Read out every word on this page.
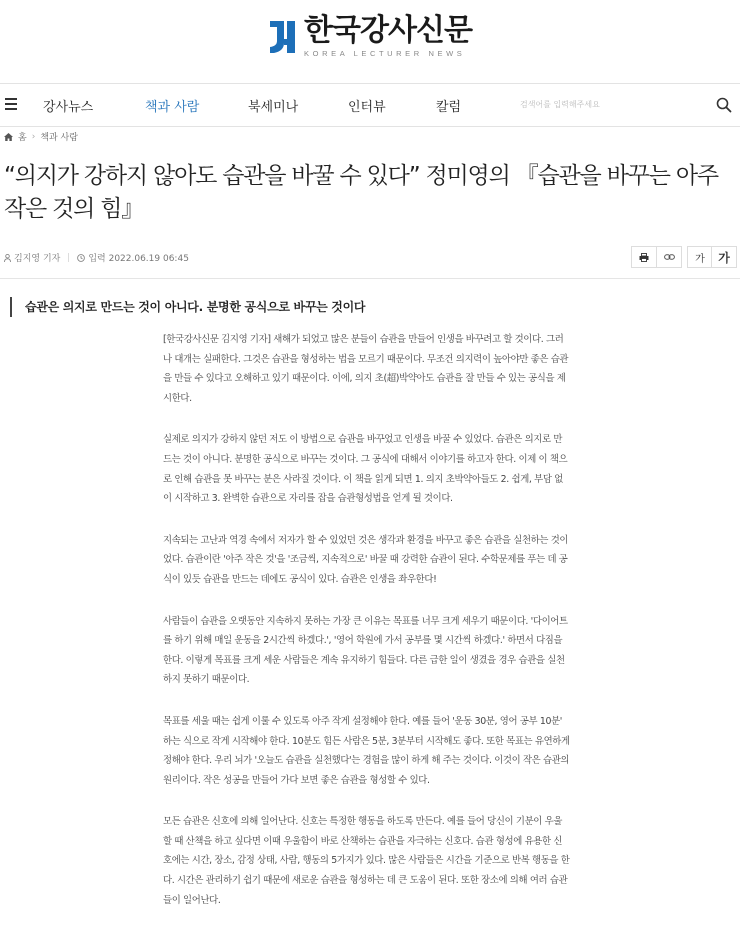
한국강사신문
KOREA LECTURER NEWS
강사뉴스	책과 사람	북세미나	인터뷰	칼럼	검색어를 입력해주세요
홈 › 책과 사람
“의지가 강하지 않아도 습관을 바꿀 수 있다” 정미영의 『습관을 바꾸는 아주 작은 것의 힘』
김지영 기자	입력 2022.06.19 06:45	가	가
습관은 의지로 만드는 것이 아니다. 분명한 공식으로 바꾸는 것이다

[한국강사신문 김지영 기자] 새해가 되었고 많은 분들이 습관을 만들어 인생을 바꾸려고 할 것이다. 그러나 대개는 실패한다. 그것은 습관을 형성하는 법을 모르기 때문이다. 무조건 의지력이 높아야만 좋은 습관을 만들 수 있다고 오해하고 있기 때문이다. 이에, 의지 초(超)박약아도 습관을 잘 만들 수 있는 공식을 제시한다.

실제로 의지가 강하지 않던 저도 이 방법으로 습관을 바꾸었고 인생을 바꿀 수 있었다. 습관은 의지로 만드는 것이 아니다. 분명한 공식으로 바꾸는 것이다. 그 공식에 대해서 이야기를 하고자 한다. 이제 이 책으로 인해 습관을 못 바꾸는 분은 사라질 것이다. 이 책을 읽게 되면 1. 의지 초박약아들도 2. 쉽게, 부담 없이 시작하고 3. 완벽한 습관으로 자리를 잡을 습관형성법을 얻게 될 것이다.

지속되는 고난과 역경 속에서 저자가 할 수 있었던 것은 생각과 환경을 바꾸고 좋은 습관을 실천하는 것이었다. 습관이란 '아주 작은 것'을 '조금씩, 지속적으로' 바꿀 때 강력한 습관이 된다. 수학문제를 푸는 데 공식이 있듯 습관을 만드는 데에도 공식이 있다. 습관은 인생을 좌우한다!

사람들이 습관을 오랫동안 지속하지 못하는 가장 큰 이유는 목표를 너무 크게 세우기 때문이다. '다이어트를 하기 위해 매일 운동을 2시간씩 하겠다.', '영어 학원에 가서 공부를 몇 시간씩 하겠다.' 하면서 다짐을 한다. 이렇게 목표를 크게 세운 사람들은 계속 유지하기 힘들다. 다른 급한 일이 생겼을 경우 습관을 실천하지 못하기 때문이다.

목표를 세울 때는 쉽게 이룰 수 있도록 아주 작게 설정해야 한다. 예를 들어 '운동 30분, 영어 공부 10분' 하는 식으로 작게 시작해야 한다. 10분도 힘든 사람은 5분, 3분부터 시작해도 좋다. 또한 목표는 유연하게 정해야 한다. 우리 뇌가 '오늘도 습관을 실천했다'는 경험을 많이 하게 해 주는 것이다. 이것이 작은 습관의 원리이다. 작은 성공을 만들어 가다 보면 좋은 습관을 형성할 수 있다.

모든 습관은 신호에 의해 일어난다. 신호는 특정한 행동을 하도록 만든다. 예를 들어 당신이 기분이 우울할 때 산책을 하고 싶다면 이때 우울함이 바로 산책하는 습관을 자극하는 신호다. 습관 형성에 유용한 신호에는 시간, 장소, 감정 상태, 사람, 행동의 5가지가 있다. 많은 사람들은 시간을 기준으로 반복 행동을 한다. 시간은 관리하기 쉽기 때문에 새로운 습관을 형성하는 데 큰 도움이 된다. 또한 장소에 의해 여러 습관들이 일어난다.
